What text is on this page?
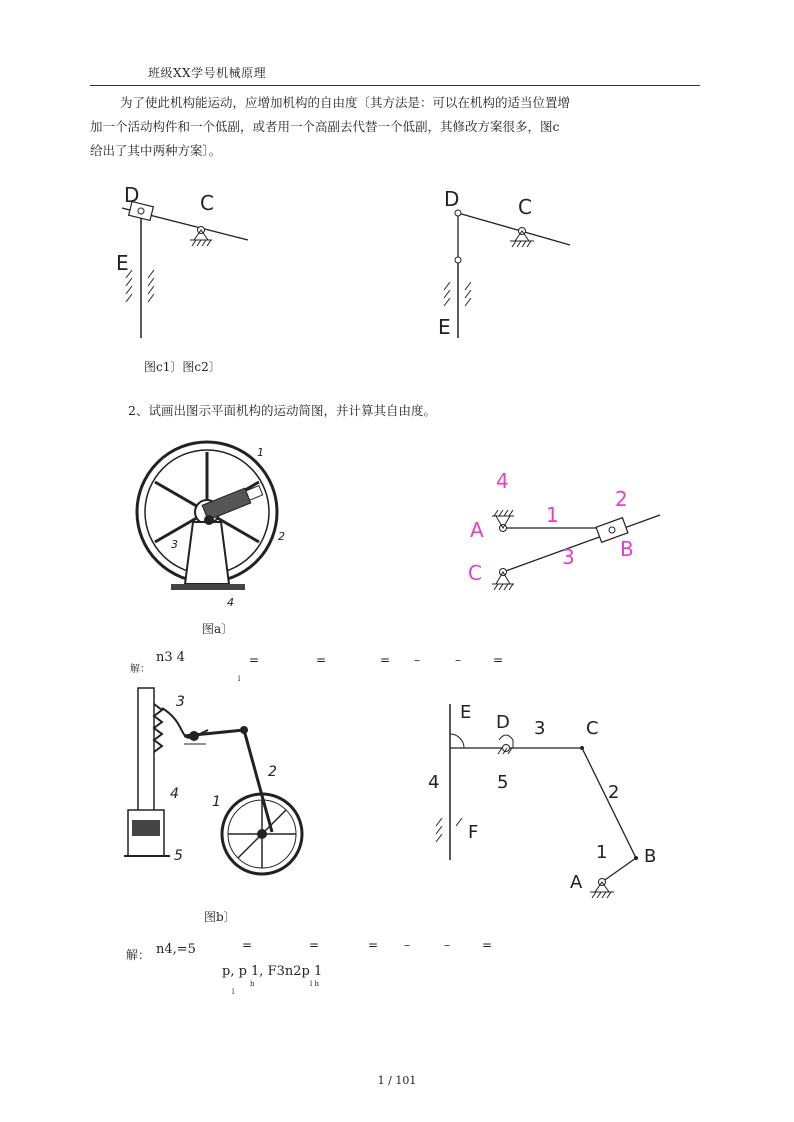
班级XX学号机械原理
为了使此机构能运动，应增加机构的自由度〔其方法是：可以在机构的适当位置增
加一个活动构件和一个低副，或者用一个高副去代替一个低副，其修改方案很多，图c
给出了其中两种方案〕。
D	C
E
D	C
E
图c1〕图c2〕
2、试画出图示平面机构的运动简图，并计算其自由度。
1
2
3
4
4
1
2
A
B
C
3
图a〕
解：
n3 4
l
=	=	= –	–	=
3
2
4 1
5
E D 3 C
4	5	2
F
1 B
A
图b〕
解： n4,=5	=	=	= –	–	=
p, p 1, F3n2p 1
l
h	l h
1 / 101
